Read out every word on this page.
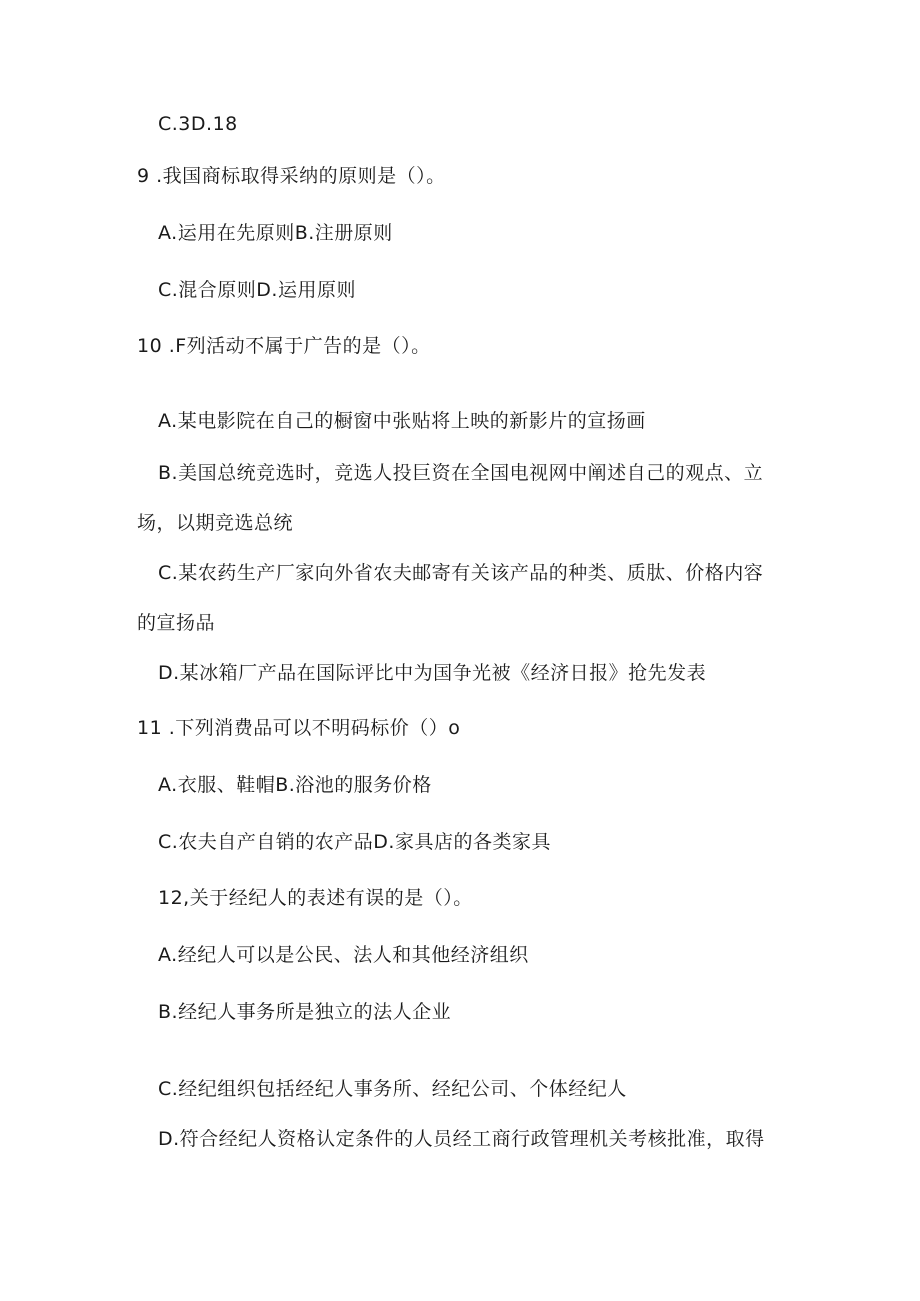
C.3D.18
9 .我国商标取得采纳的原则是（）。
A.运用在先原则B.注册原则
C.混合原则D.运用原则
10 .F列活动不属于广告的是（）。
A.某电影院在自己的橱窗中张贴将上映的新影片的宣扬画
B.美国总统竞选时，竞选人投巨资在全国电视网中阐述自己的观点、立
场，以期竞选总统
C.某农药生产厂家向外省农夫邮寄有关该产品的种类、质肽、价格内容
的宣扬品
D.某冰箱厂产品在国际评比中为国争光被《经济日报》抢先发表
11 .下列消费品可以不明码标价（）o
A.衣服、鞋帽B.浴池的服务价格
C.农夫自产自销的农产品D.家具店的各类家具
12,关于经纪人的表述有误的是（）。
A.经纪人可以是公民、法人和其他经济组织
B.经纪人事务所是独立的法人企业
C.经纪组织包括经纪人事务所、经纪公司、个体经纪人
D.符合经纪人资格认定条件的人员经工商行政管理机关考核批准，取得
